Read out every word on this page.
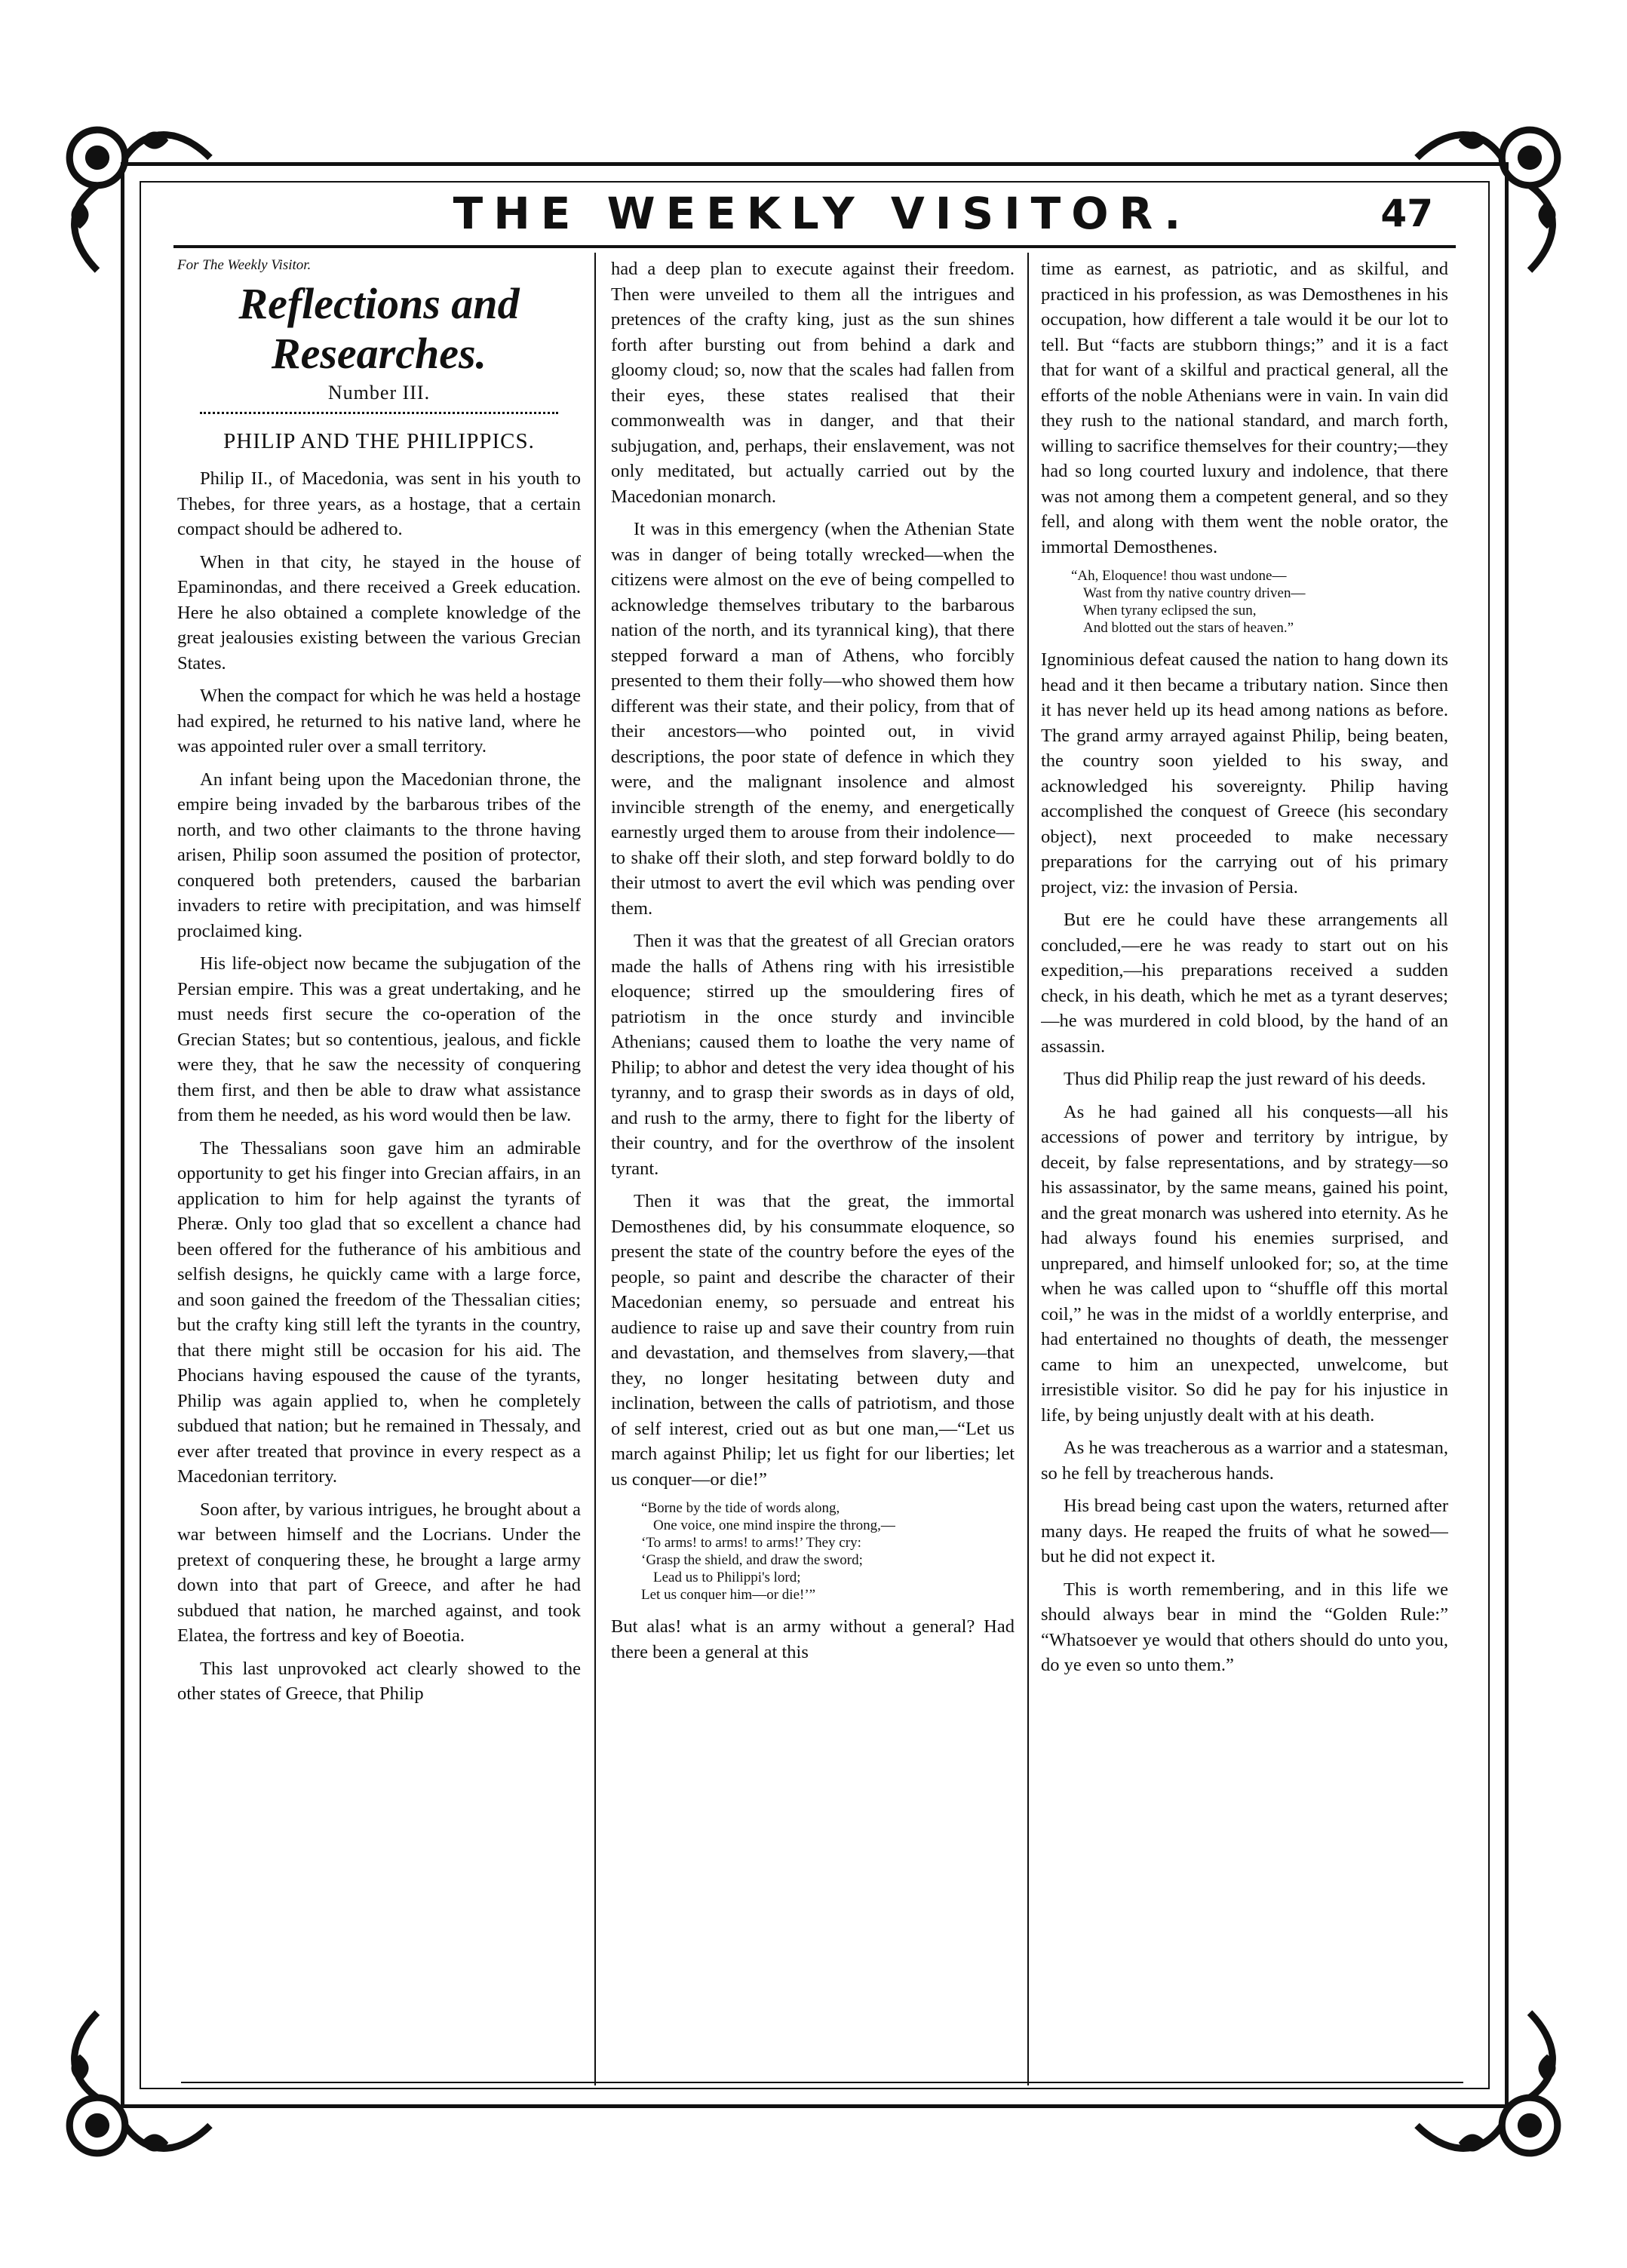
THE WEEKLY VISITOR.	47
For The Weekly Visitor.
Reflections and Researches.
Number III.
PHILIP AND THE PHILIPPICS.

Philip II., of Macedonia, was sent in his youth to Thebes, for three years, as a hostage, that a certain compact should be adhered to.

When in that city, he stayed in the house of Epaminondas, and there received a Greek education. Here he also obtained a complete knowledge of the great jealousies existing between the various Grecian States.

When the compact for which he was held a hostage had expired, he returned to his native land, where he was appointed ruler over a small territory.

An infant being upon the Macedonian throne, the empire being invaded by the barbarous tribes of the north, and two other claimants to the throne having arisen, Philip soon assumed the position of protector, conquered both pretenders, caused the barbarian invaders to retire with precipitation, and was himself proclaimed king.

His life-object now became the subjugation of the Persian empire. This was a great undertaking, and he must needs first secure the co-operation of the Grecian States; but so contentious, jealous, and fickle were they, that he saw the necessity of conquering them first, and then be able to draw what assistance from them he needed, as his word would then be law.

The Thessalians soon gave him an admirable opportunity to get his finger into Grecian affairs, in an application to him for help against the tyrants of Pheræ. Only too glad that so excellent a chance had been offered for the futherance of his ambitious and selfish designs, he quickly came with a large force, and soon gained the freedom of the Thessalian cities; but the crafty king still left the tyrants in the country, that there might still be occasion for his aid. The Phocians having espoused the cause of the tyrants, Philip was again applied to, when he completely subdued that nation; but he remained in Thessaly, and ever after treated that province in every respect as a Macedonian territory.

Soon after, by various intrigues, he brought about a war between himself and the Locrians. Under the pretext of conquering these, he brought a large army down into that part of Greece, and after he had subdued that nation, he marched against, and took Elatea, the fortress and key of Boeotia.

This last unprovoked act clearly showed to the other states of Greece, that Philip

had a deep plan to execute against their freedom. Then were unveiled to them all the intrigues and pretences of the crafty king, just as the sun shines forth after bursting out from behind a dark and gloomy cloud; so, now that the scales had fallen from their eyes, these states realised that their commonwealth was in danger, and that their subjugation, and, perhaps, their enslavement, was not only meditated, but actually carried out by the Macedonian monarch.

It was in this emergency (when the Athenian State was in danger of being totally wrecked—when the citizens were almost on the eve of being compelled to acknowledge themselves tributary to the barbarous nation of the north, and its tyrannical king), that there stepped forward a man of Athens, who forcibly presented to them their folly—who showed them how different was their state, and their policy, from that of their ancestors—who pointed out, in vivid descriptions, the poor state of defence in which they were, and the malignant insolence and almost invincible strength of the enemy, and energetically earnestly urged them to arouse from their indolence—to shake off their sloth, and step forward boldly to do their utmost to avert the evil which was pending over them.

Then it was that the greatest of all Grecian orators made the halls of Athens ring with his irresistible eloquence; stirred up the smouldering fires of patriotism in the once sturdy and invincible Athenians; caused them to loathe the very name of Philip; to abhor and detest the very idea thought of his tyranny, and to grasp their swords as in days of old, and rush to the army, there to fight for the liberty of their country, and for the overthrow of the insolent tyrant.

Then it was that the great, the immortal Demosthenes did, by his consummate eloquence, so present the state of the country before the eyes of the people, so paint and describe the character of their Macedonian enemy, so persuade and entreat his audience to raise up and save their country from ruin and devastation, and themselves from slavery,—that they, no longer hesitating between duty and inclination, between the calls of patriotism, and those of self interest, cried out as but one man,—“Let us march against Philip; let us fight for our liberties; let us conquer—or die!”

“Borne by the tide of words along,
One voice, one mind inspire the throng,—
‘To arms! to arms! to arms!’ They cry:
‘Grasp the shield, and draw the sword;
Lead us to Philippi's lord;
Let us conquer him—or die!’”

But alas! what is an army without a general? Had there been a general at this

time as earnest, as patriotic, and as skilful, and practiced in his profession, as was Demosthenes in his occupation, how different a tale would it be our lot to tell. But “facts are stubborn things;” and it is a fact that for want of a skilful and practical general, all the efforts of the noble Athenians were in vain. In vain did they rush to the national standard, and march forth, willing to sacrifice themselves for their country;—they had so long courted luxury and indolence, that there was not among them a competent general, and so they fell, and along with them went the noble orator, the immortal Demosthenes.

“Ah, Eloquence! thou wast undone—
Wast from thy native country driven—
When tyrany eclipsed the sun,
And blotted out the stars of heaven.”

Ignominious defeat caused the nation to hang down its head and it then became a tributary nation. Since then it has never held up its head among nations as before. The grand army arrayed against Philip, being beaten, the country soon yielded to his sway, and acknowledged his sovereignty. Philip having accomplished the conquest of Greece (his secondary object), next proceeded to make necessary preparations for the carrying out of his primary project, viz: the invasion of Persia.

But ere he could have these arrangements all concluded,—ere he was ready to start out on his expedition,—his preparations received a sudden check, in his death, which he met as a tyrant deserves;—he was murdered in cold blood, by the hand of an assassin.

Thus did Philip reap the just reward of his deeds.

As he had gained all his conquests—all his accessions of power and territory by intrigue, by deceit, by false representations, and by strategy—so his assassinator, by the same means, gained his point, and the great monarch was ushered into eternity. As he had always found his enemies surprised, and unprepared, and himself unlooked for; so, at the time when he was called upon to “shuffle off this mortal coil,” he was in the midst of a worldly enterprise, and had entertained no thoughts of death, the messenger came to him an unexpected, unwelcome, but irresistible visitor. So did he pay for his injustice in life, by being unjustly dealt with at his death.

As he was treacherous as a warrior and a statesman, so he fell by treacherous hands.

His bread being cast upon the waters, returned after many days. He reaped the fruits of what he sowed—but he did not expect it.

This is worth remembering, and in this life we should always bear in mind the “Golden Rule:” “Whatsoever ye would that others should do unto you, do ye even so unto them.”
